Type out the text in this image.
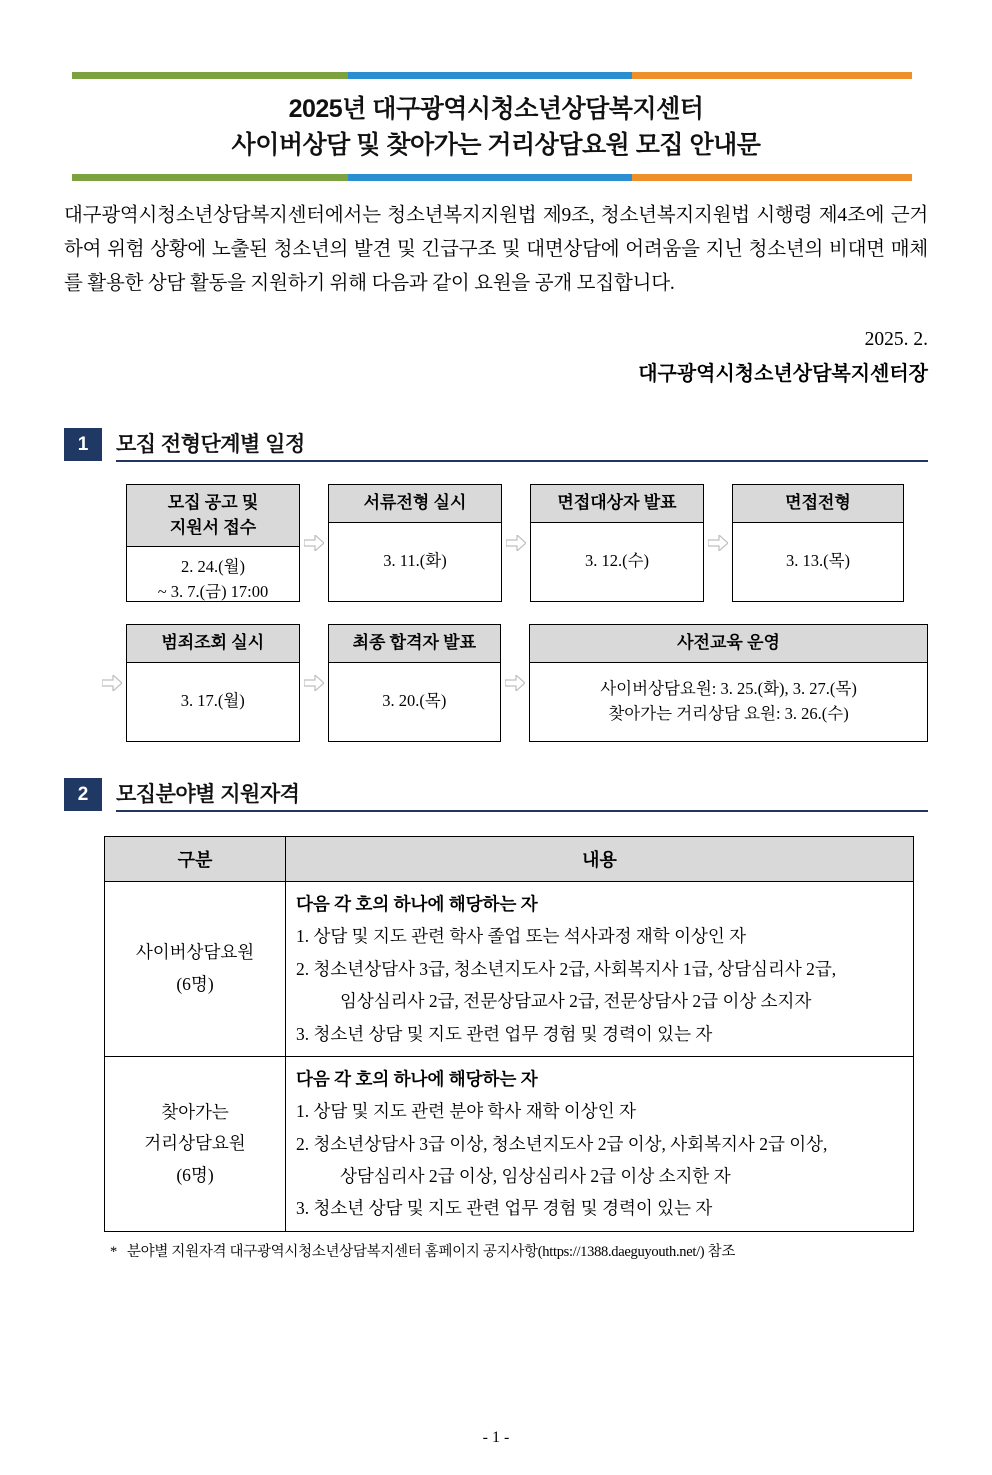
2025년 대구광역시청소년상담복지센터
사이버상담 및 찾아가는 거리상담요원 모집 안내문
대구광역시청소년상담복지센터에서는 청소년복지지원법 제9조, 청소년복지지원법 시행령 제4조에 근거하여 위험 상황에 노출된 청소년의 발견 및 긴급구조 및 대면상담에 어려움을 지닌 청소년의 비대면 매체를 활용한 상담 활동을 지원하기 위해 다음과 같이 요원을 공개 모집합니다.
2025. 2.
대구광역시청소년상담복지센터장
1	모집 전형단계별 일정
모집 공고 및
지원서 접수
2. 24.(월)
~ 3. 7.(금) 17:00
서류전형 실시
3. 11.(화)
면접대상자 발표
3. 12.(수)
면접전형
3. 13.(목)
범죄조회 실시
3. 17.(월)
최종 합격자 발표
3. 20.(목)
사전교육 운영
사이버상담요원: 3. 25.(화), 3. 27.(목)
찾아가는 거리상담 요원: 3. 26.(수)
2	모집분야별 지원자격
구분	내용

사이버상담요원
(6명)

다음 각 호의 하나에 해당하는 자
1. 상담 및 지도 관련 학사 졸업 또는 석사과정 재학 이상인 자
2. 청소년상담사 3급, 청소년지도사 2급, 사회복지사 1급, 상담심리사 2급,
임상심리사 2급, 전문상담교사 2급, 전문상담사 2급 이상 소지자
3. 청소년 상담 및 지도 관련 업무 경험 및 경력이 있는 자

찾아가는
거리상담요원
(6명)

다음 각 호의 하나에 해당하는 자
1. 상담 및 지도 관련 분야 학사 재학 이상인 자
2. 청소년상담사 3급 이상, 청소년지도사 2급 이상, 사회복지사 2급 이상,
상담심리사 2급 이상, 임상심리사 2급 이상 소지한 자
3. 청소년 상담 및 지도 관련 업무 경험 및 경력이 있는 자
* 분야별 지원자격 대구광역시청소년상담복지센터 홈페이지 공지사항(https://1388.daeguyouth.net/) 참조
- 1 -
